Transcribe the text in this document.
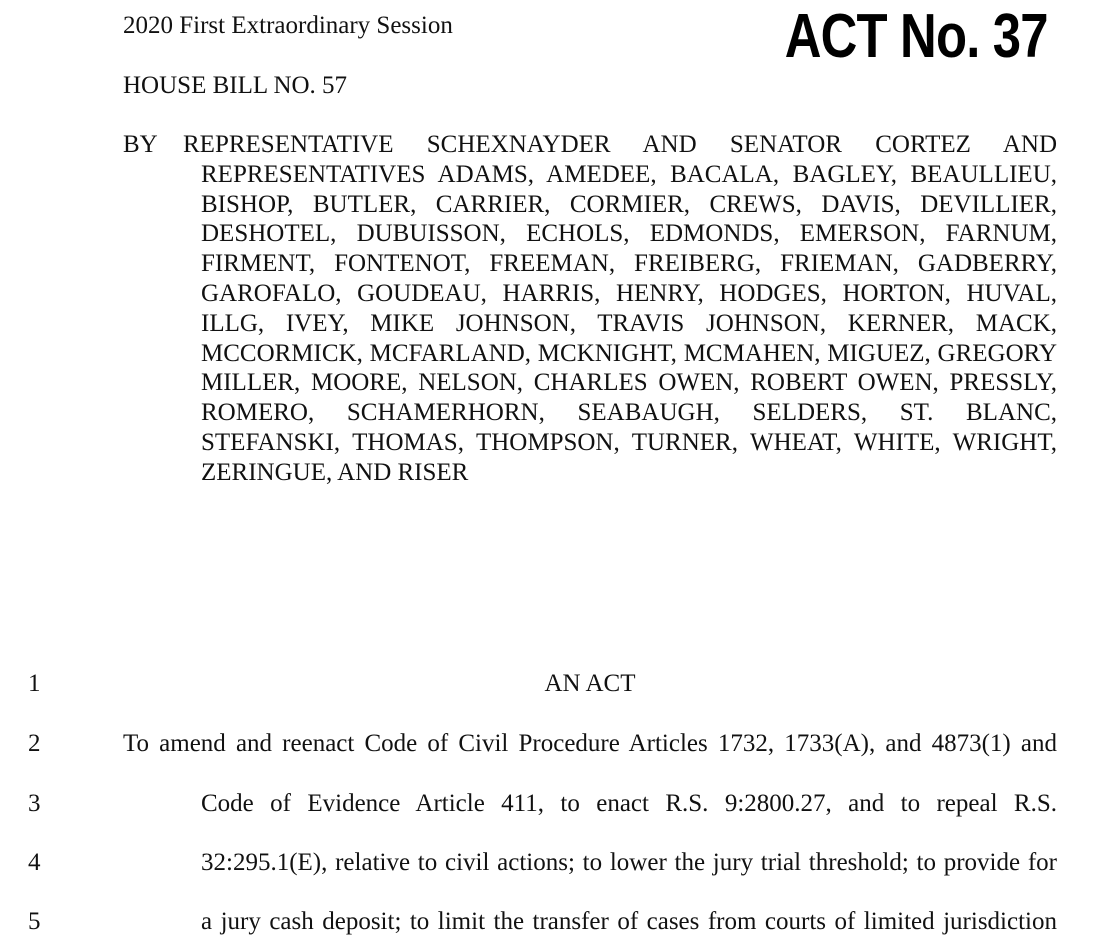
2020 First Extraordinary Session	ACT No. 37
HOUSE BILL NO. 57
BY REPRESENTATIVE SCHEXNAYDER AND SENATOR CORTEZ AND
REPRESENTATIVES ADAMS, AMEDEE, BACALA, BAGLEY, BEAULLIEU,
BISHOP, BUTLER, CARRIER, CORMIER, CREWS, DAVIS, DEVILLIER,
DESHOTEL, DUBUISSON, ECHOLS, EDMONDS, EMERSON, FARNUM,
FIRMENT, FONTENOT, FREEMAN, FREIBERG, FRIEMAN, GADBERRY,
GAROFALO, GOUDEAU, HARRIS, HENRY, HODGES, HORTON, HUVAL,
ILLG, IVEY, MIKE JOHNSON, TRAVIS JOHNSON, KERNER, MACK,
MCCORMICK, MCFARLAND, MCKNIGHT, MCMAHEN, MIGUEZ, GREGORY
MILLER, MOORE, NELSON, CHARLES OWEN, ROBERT OWEN, PRESSLY,
ROMERO, SCHAMERHORN, SEABAUGH, SELDERS, ST. BLANC,
STEFANSKI, THOMAS, THOMPSON, TURNER, WHEAT, WHITE, WRIGHT,
ZERINGUE, AND RISER
1
2
3
4
5
AN ACT
To amend and reenact Code of Civil Procedure Articles 1732, 1733(A), and 4873(1) and
Code of Evidence Article 411, to enact R.S. 9:2800.27, and to repeal R.S.
32:295.1(E), relative to civil actions; to lower the jury trial threshold; to provide for
a jury cash deposit; to limit the transfer of cases from courts of limited jurisdiction
